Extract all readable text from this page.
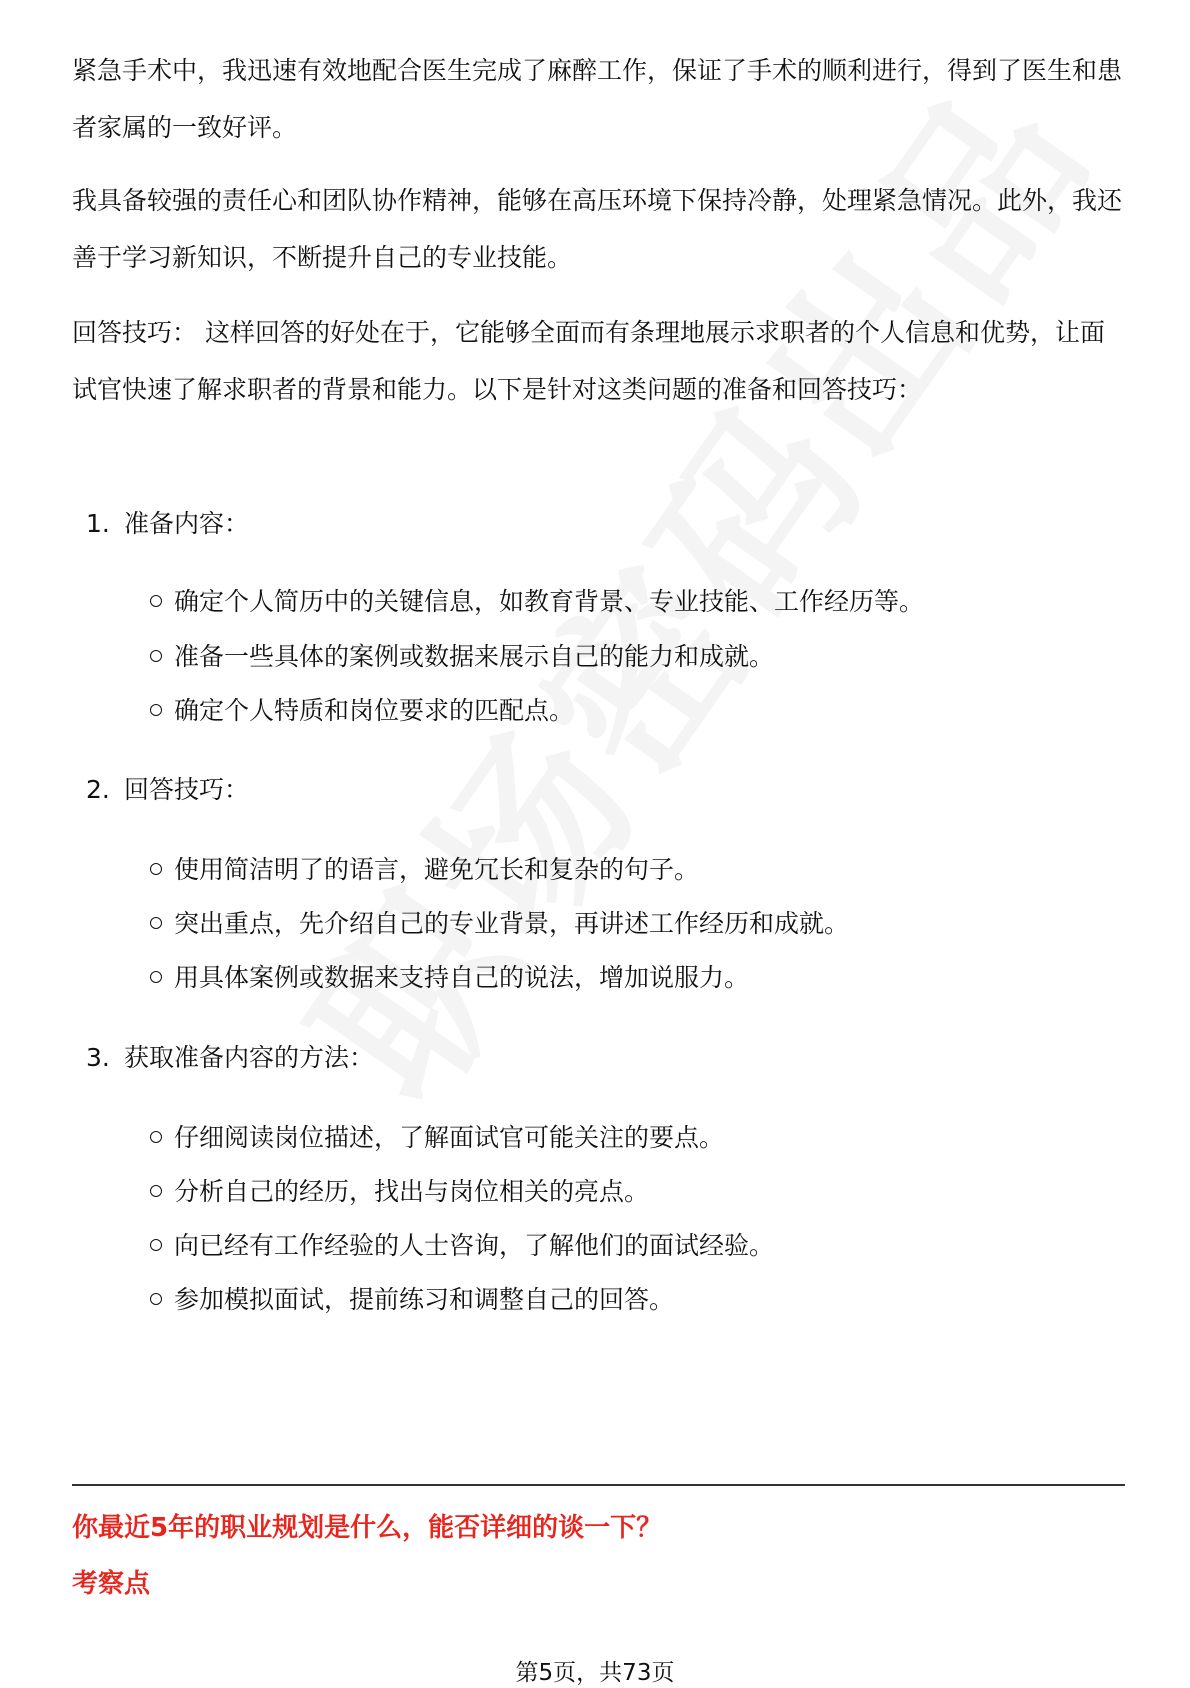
紧急手术中，我迅速有效地配合医生完成了麻醉工作，保证了手术的顺利进行，得到了医生和患者家属的一致好评。

我具备较强的责任心和团队协作精神，能够在高压环境下保持冷静，处理紧急情况。此外，我还善于学习新知识，不断提升自己的专业技能。

回答技巧： 这样回答的好处在于，它能够全面而有条理地展示求职者的个人信息和优势，让面试官快速了解求职者的背景和能力。以下是针对这类问题的准备和回答技巧：

1. 准备内容：

确定个人简历中的关键信息，如教育背景、专业技能、工作经历等。

准备一些具体的案例或数据来展示自己的能力和成就。

确定个人特质和岗位要求的匹配点。

2. 回答技巧：

使用简洁明了的语言，避免冗长和复杂的句子。

突出重点，先介绍自己的专业背景，再讲述工作经历和成就。

用具体案例或数据来支持自己的说法，增加说服力。

3. 获取准备内容的方法：

仔细阅读岗位描述，了解面试官可能关注的要点。

分析自己的经历，找出与岗位相关的亮点。

向已经有工作经验的人士咨询，了解他们的面试经验。

参加模拟面试，提前练习和调整自己的回答。

你最近5年的职业规划是什么，能否详细的谈一下？

考察点

第5页，共73页
